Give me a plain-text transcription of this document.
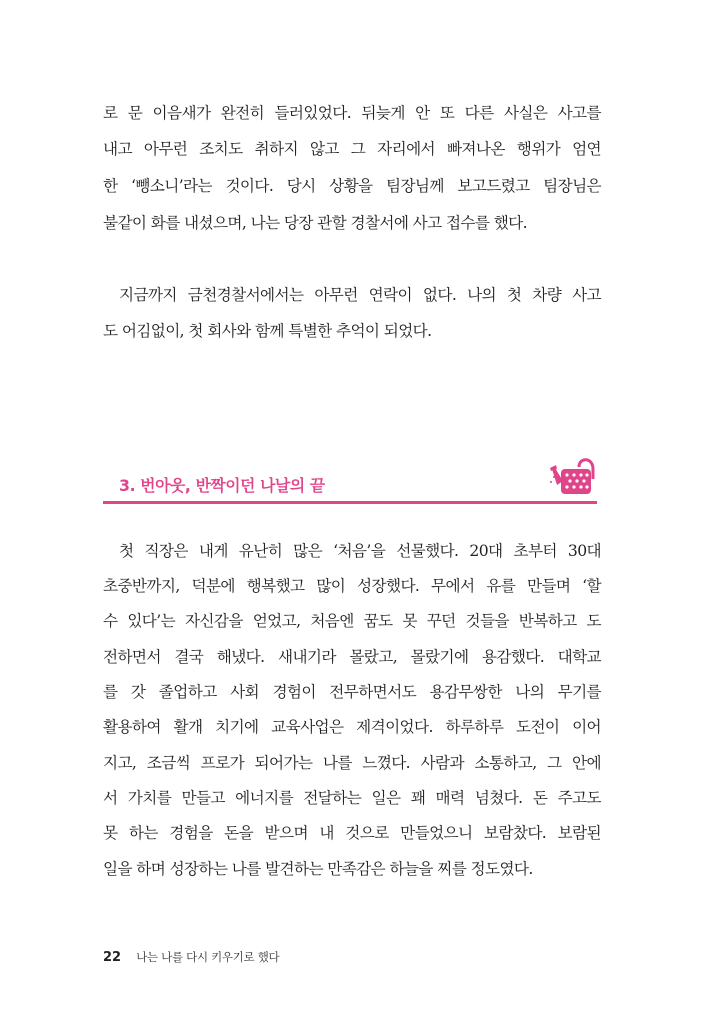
로 문 이음새가 완전히 들러있었다. 뒤늦게 안 또 다른 사실은 사고를
내고 아무런 조치도 취하지 않고 그 자리에서 빠져나온 행위가 엄연
한 ‘뺑소니’라는 것이다. 당시 상황을 팀장님께 보고드렸고 팀장님은
불같이 화를 내셨으며, 나는 당장 관할 경찰서에 사고 접수를 했다.
지금까지 금천경찰서에서는 아무런 연락이 없다. 나의 첫 차량 사고
도 어김없이, 첫 회사와 함께 특별한 추억이 되었다.
3. 번아웃, 반짝이던 나날의 끝
첫 직장은 내게 유난히 많은 ‘처음’을 선물했다. 20대 초부터 30대
초중반까지, 덕분에 행복했고 많이 성장했다. 무에서 유를 만들며 ‘할
수 있다’는 자신감을 얻었고, 처음엔 꿈도 못 꾸던 것들을 반복하고 도
전하면서 결국 해냈다. 새내기라 몰랐고, 몰랐기에 용감했다. 대학교
를 갓 졸업하고 사회 경험이 전무하면서도 용감무쌍한 나의 무기를
활용하여 활개 치기에 교육사업은 제격이었다. 하루하루 도전이 이어
지고, 조금씩 프로가 되어가는 나를 느꼈다. 사람과 소통하고, 그 안에
서 가치를 만들고 에너지를 전달하는 일은 꽤 매력 넘쳤다. 돈 주고도
못 하는 경험을 돈을 받으며 내 것으로 만들었으니 보람찼다. 보람된
일을 하며 성장하는 나를 발견하는 만족감은 하늘을 찌를 정도였다.
22 나는 나를 다시 키우기로 했다
